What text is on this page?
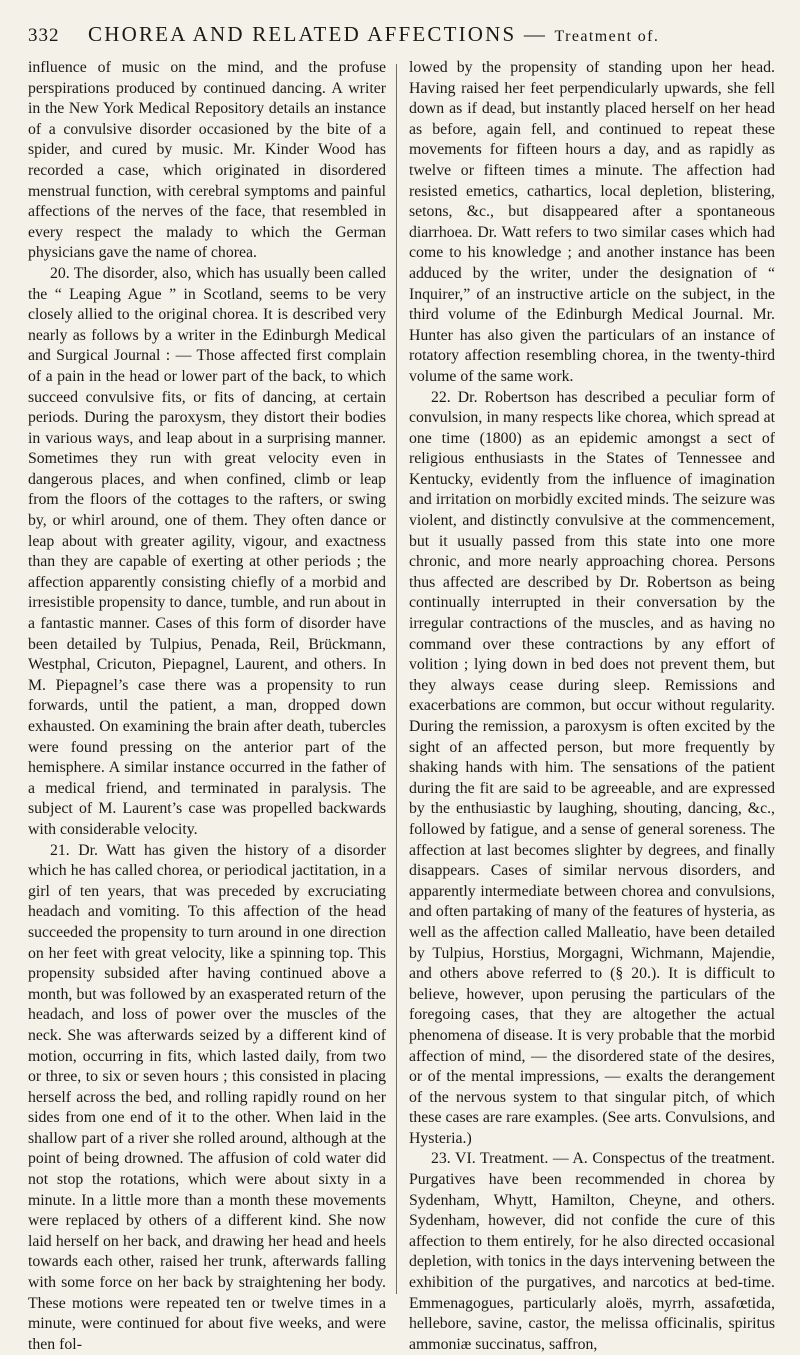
332	CHOREA AND RELATED AFFECTIONS — Treatment of.

influence of music on the mind, and the profuse perspirations produced by continued dancing. A writer in the New York Medical Repository details an instance of a convulsive disorder occasioned by the bite of a spider, and cured by music. Mr. Kinder Wood has recorded a case, which originated in disordered menstrual function, with cerebral symptoms and painful affections of the nerves of the face, that resembled in every respect the malady to which the German physicians gave the name of chorea.

20. The disorder, also, which has usually been called the “ Leaping Ague ” in Scotland, seems to be very closely allied to the original chorea. It is described very nearly as follows by a writer in the Edinburgh Medical and Surgical Journal : — Those affected first complain of a pain in the head or lower part of the back, to which succeed convulsive fits, or fits of dancing, at certain periods. During the paroxysm, they distort their bodies in various ways, and leap about in a surprising manner. Sometimes they run with great velocity even in dangerous places, and when confined, climb or leap from the floors of the cottages to the rafters, or swing by, or whirl around, one of them. They often dance or leap about with greater agility, vigour, and exactness than they are capable of exerting at other periods ; the affection apparently consisting chiefly of a morbid and irresistible propensity to dance, tumble, and run about in a fantastic manner. Cases of this form of disorder have been detailed by Tulpius, Penada, Reil, Brückmann, Westphal, Cricuton, Piepagnel, Laurent, and others. In M. Piepagnel’s case there was a propensity to run forwards, until the patient, a man, dropped down exhausted. On examining the brain after death, tubercles were found pressing on the anterior part of the hemisphere. A similar instance occurred in the father of a medical friend, and terminated in paralysis. The subject of M. Laurent’s case was propelled backwards with considerable velocity.

21. Dr. Watt has given the history of a disorder which he has called chorea, or periodical jactitation, in a girl of ten years, that was preceded by excruciating headach and vomiting. To this affection of the head succeeded the propensity to turn around in one direction on her feet with great velocity, like a spinning top. This propensity subsided after having continued above a month, but was followed by an exasperated return of the headach, and loss of power over the muscles of the neck. She was afterwards seized by a different kind of motion, occurring in fits, which lasted daily, from two or three, to six or seven hours ; this consisted in placing herself across the bed, and rolling rapidly round on her sides from one end of it to the other. When laid in the shallow part of a river she rolled around, although at the point of being drowned. The affusion of cold water did not stop the rotations, which were about sixty in a minute. In a little more than a month these movements were replaced by others of a different kind. She now laid herself on her back, and drawing her head and heels towards each other, raised her trunk, afterwards falling with some force on her back by straightening her body. These motions were repeated ten or twelve times in a minute, were continued for about five weeks, and were then fol-

lowed by the propensity of standing upon her head. Having raised her feet perpendicularly upwards, she fell down as if dead, but instantly placed herself on her head as before, again fell, and continued to repeat these movements for fifteen hours a day, and as rapidly as twelve or fifteen times a minute. The affection had resisted emetics, cathartics, local depletion, blistering, setons, &c., but disappeared after a spontaneous diarrhoea. Dr. Watt refers to two similar cases which had come to his knowledge ; and another instance has been adduced by the writer, under the designation of “ Inquirer,” of an instructive article on the subject, in the third volume of the Edinburgh Medical Journal. Mr. Hunter has also given the particulars of an instance of rotatory affection resembling chorea, in the twenty-third volume of the same work.

22. Dr. Robertson has described a peculiar form of convulsion, in many respects like chorea, which spread at one time (1800) as an epidemic amongst a sect of religious enthusiasts in the States of Tennessee and Kentucky, evidently from the influence of imagination and irritation on morbidly excited minds. The seizure was violent, and distinctly convulsive at the commencement, but it usually passed from this state into one more chronic, and more nearly approaching chorea. Persons thus affected are described by Dr. Robertson as being continually interrupted in their conversation by the irregular contractions of the muscles, and as having no command over these contractions by any effort of volition ; lying down in bed does not prevent them, but they always cease during sleep. Remissions and exacerbations are common, but occur without regularity. During the remission, a paroxysm is often excited by the sight of an affected person, but more frequently by shaking hands with him. The sensations of the patient during the fit are said to be agreeable, and are expressed by the enthusiastic by laughing, shouting, dancing, &c., followed by fatigue, and a sense of general soreness. The affection at last becomes slighter by degrees, and finally disappears. Cases of similar nervous disorders, and apparently intermediate between chorea and convulsions, and often partaking of many of the features of hysteria, as well as the affection called Malleatio, have been detailed by Tulpius, Horstius, Morgagni, Wichmann, Majendie, and others above referred to (§ 20.). It is difficult to believe, however, upon perusing the particulars of the foregoing cases, that they are altogether the actual phenomena of disease. It is very probable that the morbid affection of mind, — the disordered state of the desires, or of the mental impressions, — exalts the derangement of the nervous system to that singular pitch, of which these cases are rare examples. (See arts. Convulsions, and Hysteria.)

23. VI. Treatment. — A. Conspectus of the treatment. Purgatives have been recommended in chorea by Sydenham, Whytt, Hamilton, Cheyne, and others. Sydenham, however, did not confide the cure of this affection to them entirely, for he also directed occasional depletion, with tonics in the days intervening between the exhibition of the purgatives, and narcotics at bed-time. Emmenagogues, particularly aloës, myrrh, assafœtida, hellebore, savine, castor, the melissa officinalis, spiritus ammoniæ succinatus, saffron,
